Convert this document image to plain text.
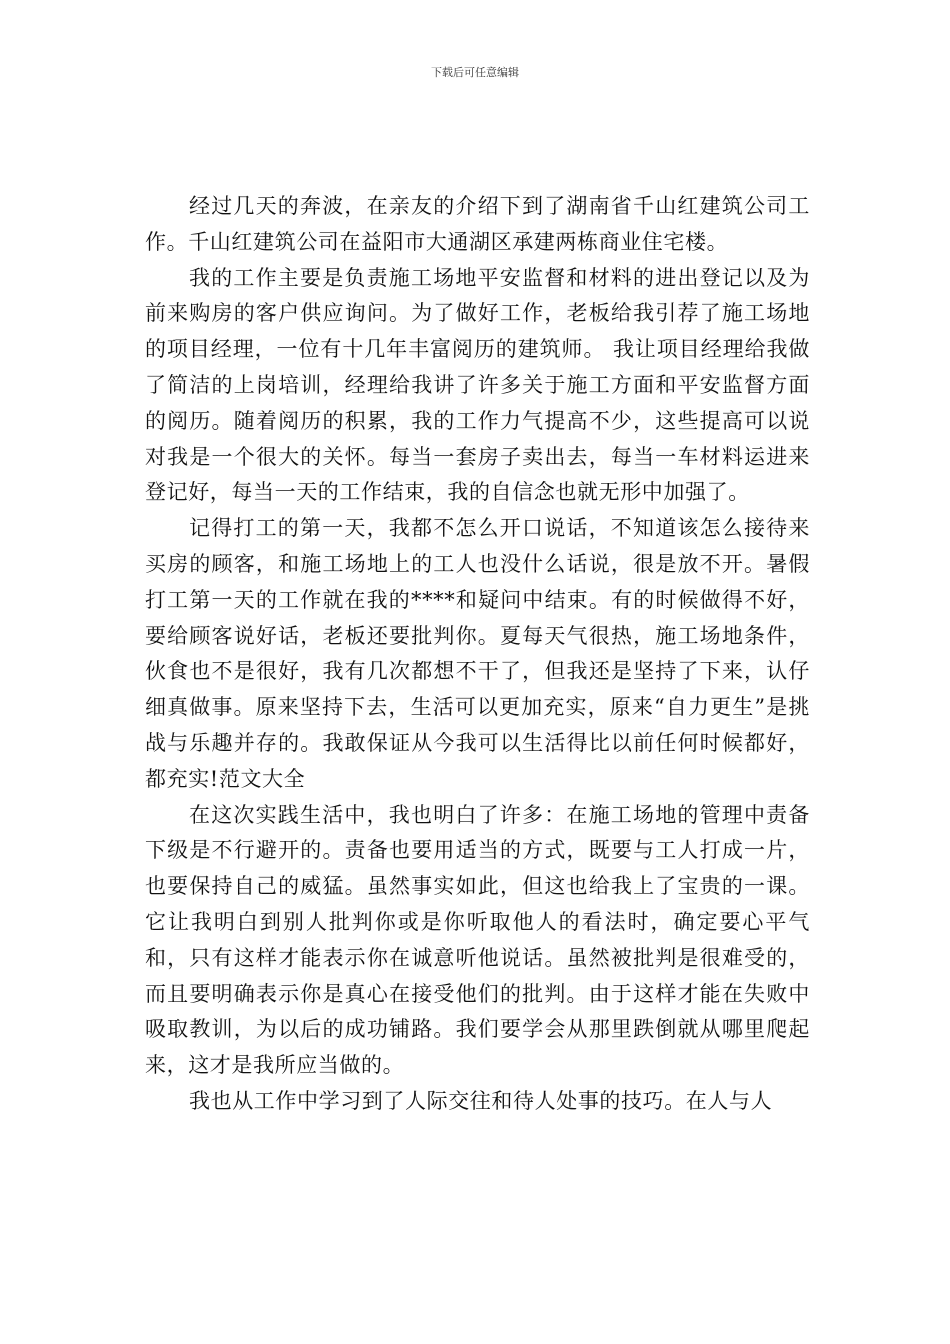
下载后可任意编辑

经过几天的奔波，在亲友的介绍下到了湖南省千山红建筑公司工作。千山红建筑公司在益阳市大通湖区承建两栋商业住宅楼。

我的工作主要是负责施工场地平安监督和材料的进出登记以及为前来购房的客户供应询问。为了做好工作，老板给我引荐了施工场地的项目经理，一位有十几年丰富阅历的建筑师。 我让项目经理给我做了简洁的上岗培训，经理给我讲了许多关于施工方面和平安监督方面的阅历。随着阅历的积累，我的工作力气提高不少，这些提高可以说对我是一个很大的关怀。每当一套房子卖出去，每当一车材料运进来登记好，每当一天的工作结束，我的自信念也就无形中加强了。

记得打工的第一天，我都不怎么开口说话，不知道该怎么接待来买房的顾客，和施工场地上的工人也没什么话说，很是放不开。暑假打工第一天的工作就在我的****和疑问中结束。有的时候做得不好，要给顾客说好话，老板还要批判你。夏每天气很热，施工场地条件，伙食也不是很好，我有几次都想不干了，但我还是坚持了下来，认仔细真做事。原来坚持下去，生活可以更加充实，原来“自力更生”是挑战与乐趣并存的。我敢保证从今我可以生活得比以前任何时候都好，都充实!范文大全

在这次实践生活中，我也明白了许多：在施工场地的管理中责备下级是不行避开的。责备也要用适当的方式，既要与工人打成一片，也要保持自己的威猛。虽然事实如此，但这也给我上了宝贵的一课。它让我明白到别人批判你或是你听取他人的看法时，确定要心平气和，只有这样才能表示你在诚意听他说话。虽然被批判是很难受的，而且要明确表示你是真心在接受他们的批判。由于这样才能在失败中吸取教训，为以后的成功铺路。我们要学会从那里跌倒就从哪里爬起来，这才是我所应当做的。

我也从工作中学习到了人际交往和待人处事的技巧。在人与人
